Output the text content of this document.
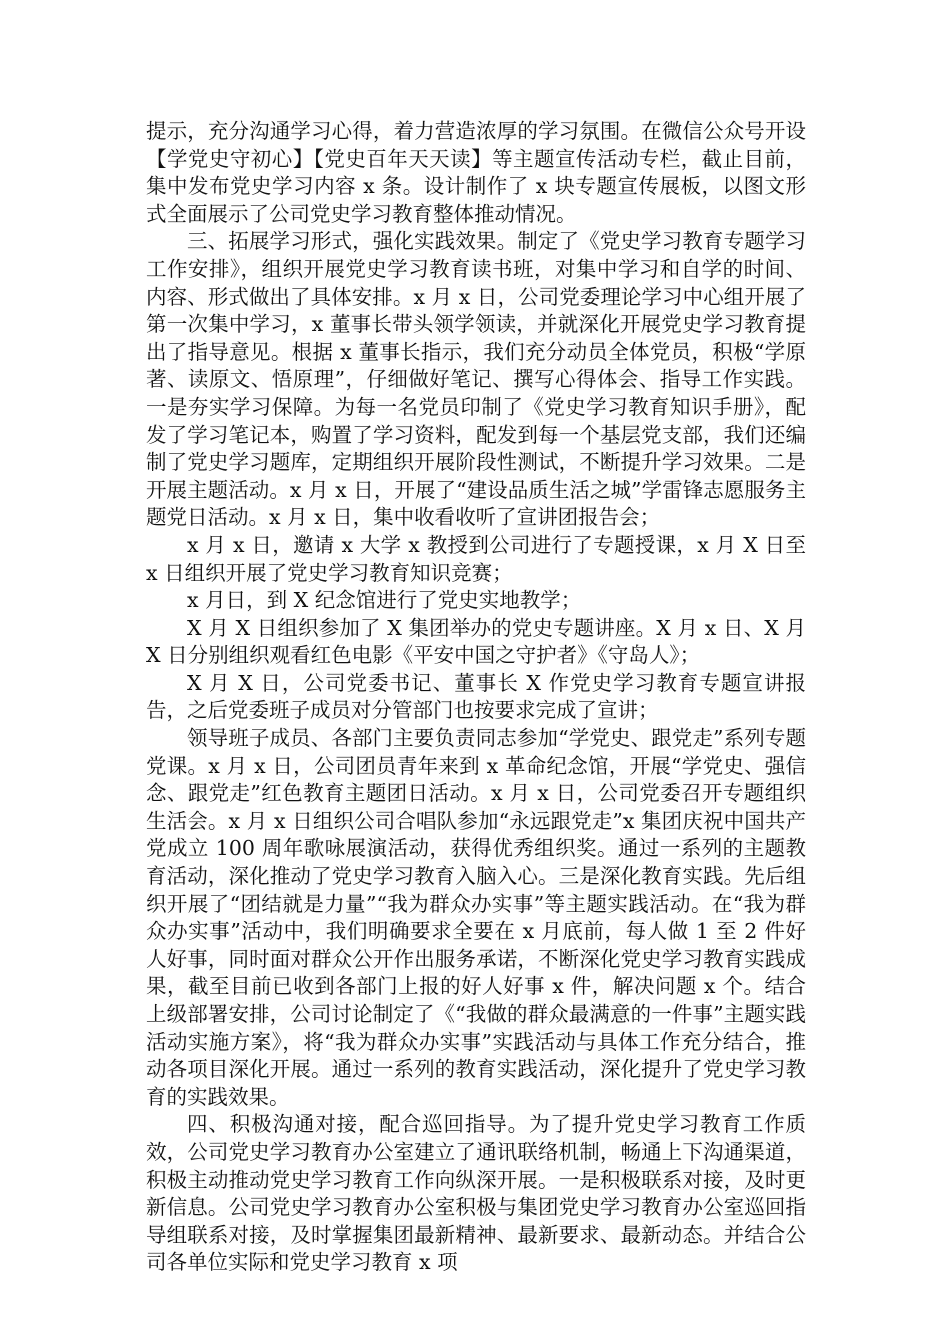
提示，充分沟通学习心得，着力营造浓厚的学习氛围。在微信公众号开设【学党史守初心】【党史百年天天读】等主题宣传活动专栏，截止目前，集中发布党史学习内容 x 条。设计制作了 x 块专题宣传展板，以图文形式全面展示了公司党史学习教育整体推动情况。

三、拓展学习形式，强化实践效果。制定了《党史学习教育专题学习工作安排》，组织开展党史学习教育读书班，对集中学习和自学的时间、内容、形式做出了具体安排。x 月 x 日，公司党委理论学习中心组开展了第一次集中学习，x 董事长带头领学领读，并就深化开展党史学习教育提出了指导意见。根据 x 董事长指示，我们充分动员全体党员，积极“学原著、读原文、悟原理”，仔细做好笔记、撰写心得体会、指导工作实践。一是夯实学习保障。为每一名党员印制了《党史学习教育知识手册》，配发了学习笔记本，购置了学习资料，配发到每一个基层党支部，我们还编制了党史学习题库，定期组织开展阶段性测试，不断提升学习效果。二是开展主题活动。x 月 x 日，开展了“建设品质生活之城”学雷锋志愿服务主题党日活动。x 月 x 日，集中收看收听了宣讲团报告会；

x 月 x 日，邀请 x 大学 x 教授到公司进行了专题授课，x 月 X 日至 x 日组织开展了党史学习教育知识竞赛；

x 月日，到 X 纪念馆进行了党史实地教学；

X 月 X 日组织参加了 X 集团举办的党史专题讲座。X 月 x 日、X 月 X 日分别组织观看红色电影《平安中国之守护者》《守岛人》；

X 月 X 日，公司党委书记、董事长 X 作党史学习教育专题宣讲报告，之后党委班子成员对分管部门也按要求完成了宣讲；

领导班子成员、各部门主要负责同志参加“学党史、跟党走”系列专题党课。x 月 x 日，公司团员青年来到 x 革命纪念馆，开展“学党史、强信念、跟党走”红色教育主题团日活动。x 月 x 日，公司党委召开专题组织生活会。x 月 x 日组织公司合唱队参加“永远跟党走”x 集团庆祝中国共产党成立 100 周年歌咏展演活动，获得优秀组织奖。通过一系列的主题教育活动，深化推动了党史学习教育入脑入心。三是深化教育实践。先后组织开展了“团结就是力量”“我为群众办实事”等主题实践活动。在“我为群众办实事”活动中，我们明确要求全要在 x 月底前，每人做 1 至 2 件好人好事，同时面对群众公开作出服务承诺，不断深化党史学习教育实践成果，截至目前已收到各部门上报的好人好事 x 件，解决问题 x 个。结合上级部署安排，公司讨论制定了《“我做的群众最满意的一件事”主题实践活动实施方案》，将“我为群众办实事”实践活动与具体工作充分结合，推动各项目深化开展。通过一系列的教育实践活动，深化提升了党史学习教育的实践效果。

四、积极沟通对接，配合巡回指导。为了提升党史学习教育工作质效，公司党史学习教育办公室建立了通讯联络机制，畅通上下沟通渠道，积极主动推动党史学习教育工作向纵深开展。一是积极联系对接，及时更新信息。公司党史学习教育办公室积极与集团党史学习教育办公室巡回指导组联系对接，及时掌握集团最新精神、最新要求、最新动态。并结合公司各单位实际和党史学习教育 x 项
